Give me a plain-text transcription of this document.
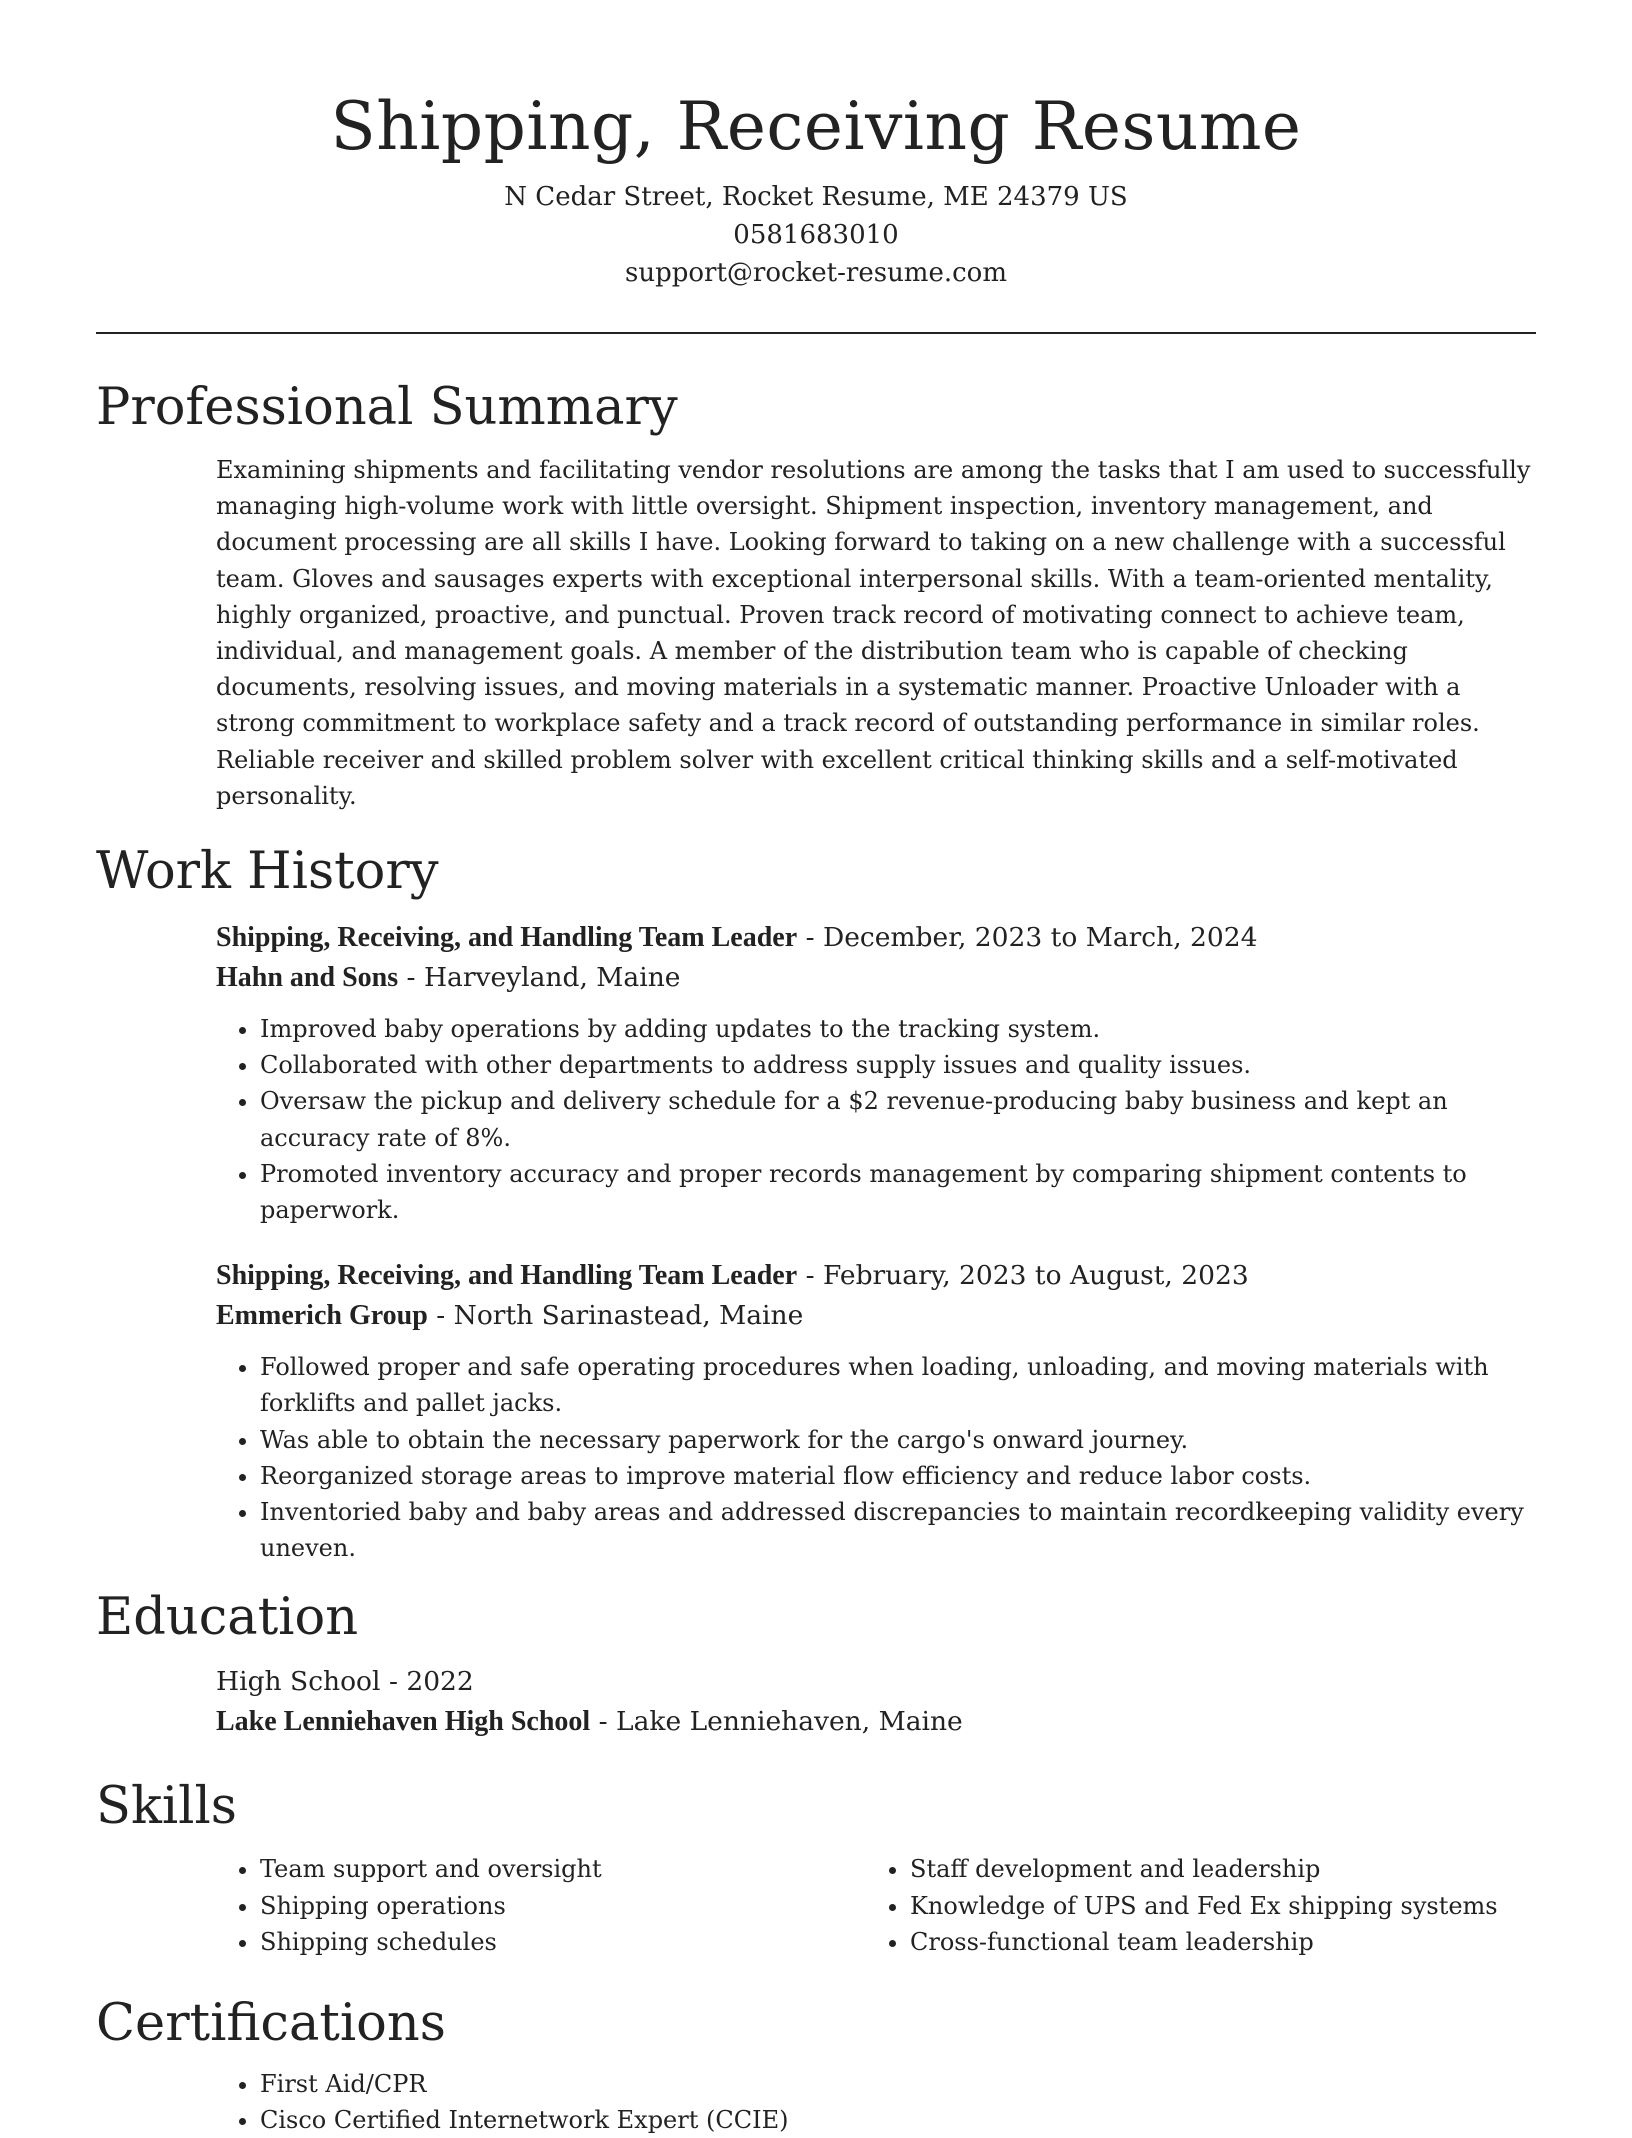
Shipping, Receiving Resume
N Cedar Street, Rocket Resume, ME 24379 US
0581683010
support@rocket-resume.com
Professional Summary
Examining shipments and facilitating vendor resolutions are among the tasks that I am used to successfully managing high-volume work with little oversight. Shipment inspection, inventory management, and document processing are all skills I have. Looking forward to taking on a new challenge with a successful team. Gloves and sausages experts with exceptional interpersonal skills. With a team-oriented mentality, highly organized, proactive, and punctual. Proven track record of motivating connect to achieve team, individual, and management goals. A member of the distribution team who is capable of checking documents, resolving issues, and moving materials in a systematic manner. Proactive Unloader with a strong commitment to workplace safety and a track record of outstanding performance in similar roles. Reliable receiver and skilled problem solver with excellent critical thinking skills and a self-motivated personality.
Work History
Shipping, Receiving, and Handling Team Leader - December, 2023 to March, 2024
Hahn and Sons - Harveyland, Maine
• Improved baby operations by adding updates to the tracking system.
• Collaborated with other departments to address supply issues and quality issues.
• Oversaw the pickup and delivery schedule for a $2 revenue-producing baby business and kept an accuracy rate of 8%.
• Promoted inventory accuracy and proper records management by comparing shipment contents to paperwork.
Shipping, Receiving, and Handling Team Leader - February, 2023 to August, 2023
Emmerich Group - North Sarinastead, Maine
• Followed proper and safe operating procedures when loading, unloading, and moving materials with forklifts and pallet jacks.
• Was able to obtain the necessary paperwork for the cargo's onward journey.
• Reorganized storage areas to improve material flow efficiency and reduce labor costs.
• Inventoried baby and baby areas and addressed discrepancies to maintain recordkeeping validity every uneven.
Education
High School - 2022
Lake Lenniehaven High School - Lake Lenniehaven, Maine
Skills
• Team support and oversight
• Shipping operations
• Shipping schedules
• Staff development and leadership
• Knowledge of UPS and Fed Ex shipping systems
• Cross-functional team leadership
Certifications
• First Aid/CPR
• Cisco Certified Internetwork Expert (CCIE)
